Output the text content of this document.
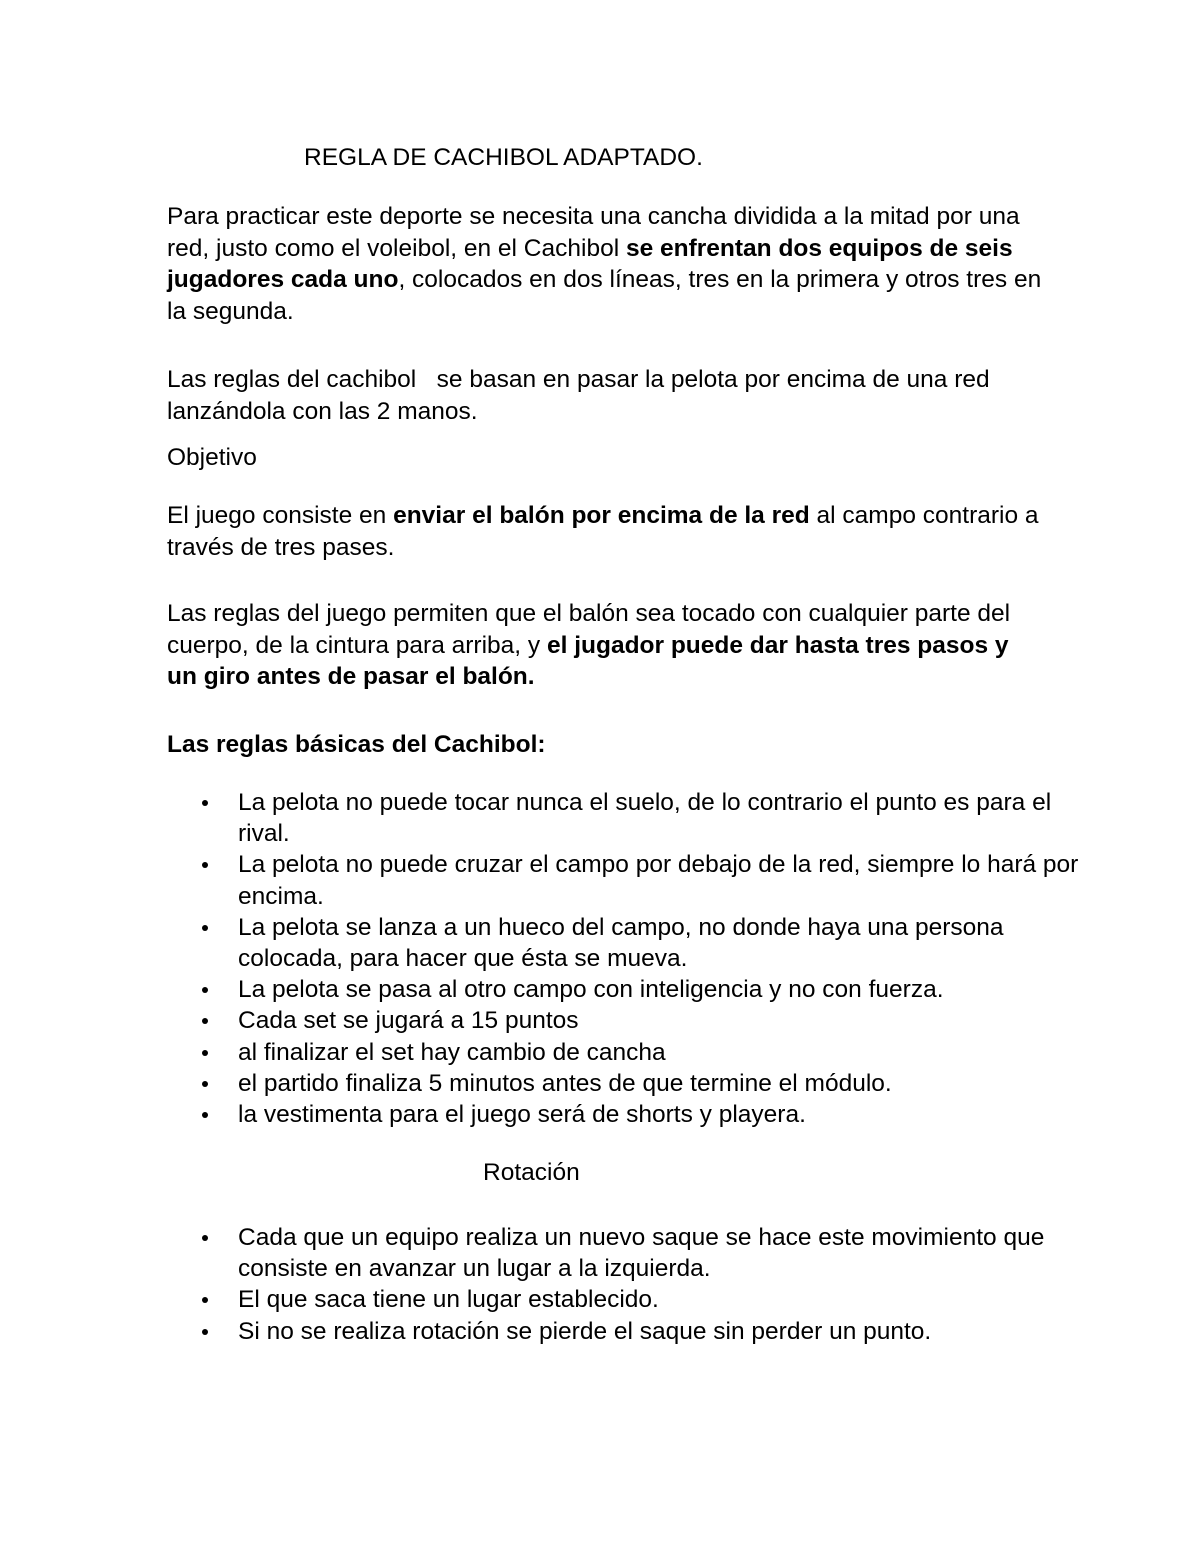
REGLA DE CACHIBOL ADAPTADO.

Para practicar este deporte se necesita una cancha dividida a la mitad por una red, justo como el voleibol, en el Cachibol se enfrentan dos equipos de seis jugadores cada uno, colocados en dos líneas, tres en la primera y otros tres en la segunda.

Las reglas del cachibol   se basan en pasar la pelota por encima de una red lanzándola con las 2 manos.

Objetivo

El juego consiste en enviar el balón por encima de la red al campo contrario a través de tres pases.

Las reglas del juego permiten que el balón sea tocado con cualquier parte del cuerpo, de la cintura para arriba, y el jugador puede dar hasta tres pasos y un giro antes de pasar el balón.

Las reglas básicas del Cachibol:
La pelota no puede tocar nunca el suelo, de lo contrario el punto es para el rival.
La pelota no puede cruzar el campo por debajo de la red, siempre lo hará por encima.
La pelota se lanza a un hueco del campo, no donde haya una persona colocada, para hacer que ésta se mueva.
La pelota se pasa al otro campo con inteligencia y no con fuerza.
Cada set se jugará a 15 puntos
al finalizar el set hay cambio de cancha
el partido finaliza 5 minutos antes de que termine el módulo.
la vestimenta para el juego será de shorts y playera.
Rotación
Cada que un equipo realiza un nuevo saque se hace este movimiento que consiste en avanzar un lugar a la izquierda.
El que saca tiene un lugar establecido.
Si no se realiza rotación se pierde el saque sin perder un punto.
